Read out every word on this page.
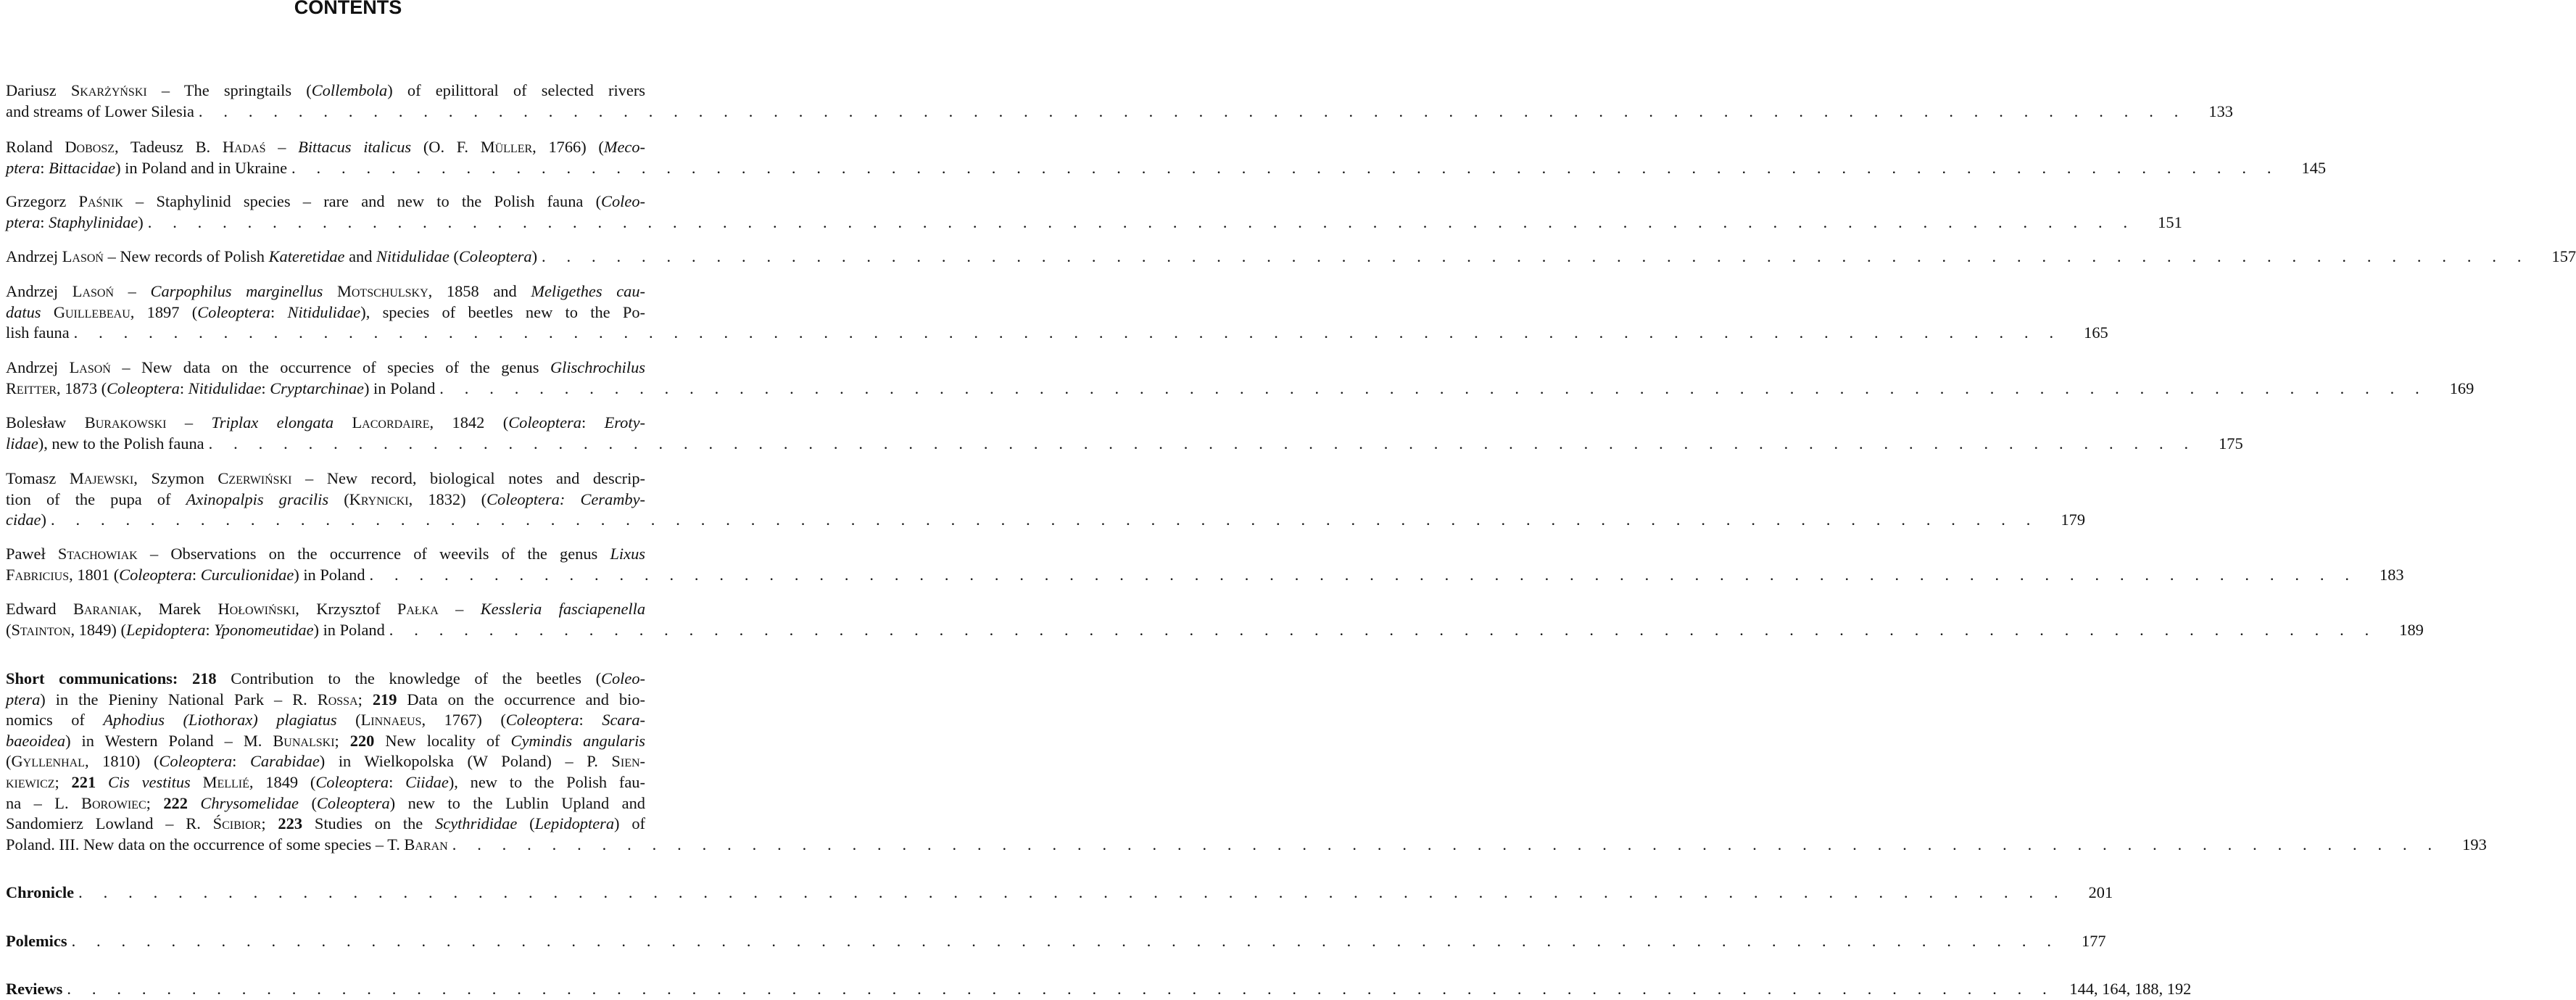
CONTENTS
Dariusz Skarżyński – The springtails (Collembola) of epilittoral of selected rivers
and streams of Lower Silesia . . . . . . . . . . . . . . . . . . . . . . . . . . . . . . . . . . . . . . . . . . . . . . . . . . . . . . . . . . . . . . . . . . . . . . . . . . . . . . . .	133
Roland Dobosz, Tadeusz B. Hadaś – Bittacus italicus (O. F. Müller, 1766) (Meco-
ptera: Bittacidae) in Poland and in Ukraine . . . . . . . . . . . . . . . . . . . . . . . . . . . . . . . . . . . . . . . . . . . . . . . . . . . . . . . . . . . . . . . . . . . . . . . . . . . . . . . .	145
Grzegorz Paśnik – Staphylinid species – rare and new to the Polish fauna (Coleo-
ptera: Staphylinidae) . . . . . . . . . . . . . . . . . . . . . . . . . . . . . . . . . . . . . . . . . . . . . . . . . . . . . . . . . . . . . . . . . . . . . . . . . . . . . . . .	151
Andrzej Lasoń – New records of Polish Kateretidae and Nitidulidae (Coleoptera) . . . . . . . . . . . . . . . . . . . . . . . . . . . . . . . . . . . . . . . . . . . . . . . . . . . . . . . . . . . . . . . . . . . . . . . . . . . . . . . .	157
Andrzej Lasoń – Carpophilus marginellus Motschulsky, 1858 and Meligethes cau-
datus Guillebeau, 1897 (Coleoptera: Nitidulidae), species of beetles new to the Po-
lish fauna . . . . . . . . . . . . . . . . . . . . . . . . . . . . . . . . . . . . . . . . . . . . . . . . . . . . . . . . . . . . . . . . . . . . . . . . . . . . . . . .	165
Andrzej Lasoń – New data on the occurrence of species of the genus Glischrochilus
Reitter, 1873 (Coleoptera: Nitidulidae: Cryptarchinae) in Poland . . . . . . . . . . . . . . . . . . . . . . . . . . . . . . . . . . . . . . . . . . . . . . . . . . . . . . . . . . . . . . . . . . . . . . . . . . . . . . . .	169
Bolesław Burakowski – Triplax elongata Lacordaire, 1842 (Coleoptera: Eroty-
lidae), new to the Polish fauna . . . . . . . . . . . . . . . . . . . . . . . . . . . . . . . . . . . . . . . . . . . . . . . . . . . . . . . . . . . . . . . . . . . . . . . . . . . . . . . .	175
Tomasz Majewski, Szymon Czerwiński – New record, biological notes and descrip-
tion of the pupa of Axinopalpis gracilis (Krynicki, 1832) (Coleoptera: Ceramby-
cidae) . . . . . . . . . . . . . . . . . . . . . . . . . . . . . . . . . . . . . . . . . . . . . . . . . . . . . . . . . . . . . . . . . . . . . . . . . . . . . . . .	179
Paweł Stachowiak – Observations on the occurrence of weevils of the genus Lixus
Fabricius, 1801 (Coleoptera: Curculionidae) in Poland . . . . . . . . . . . . . . . . . . . . . . . . . . . . . . . . . . . . . . . . . . . . . . . . . . . . . . . . . . . . . . . . . . . . . . . . . . . . . . . .	183
Edward Baraniak, Marek Hołowiński, Krzysztof Pałka – Kessleria fasciapenella
(Stainton, 1849) (Lepidoptera: Yponomeutidae) in Poland . . . . . . . . . . . . . . . . . . . . . . . . . . . . . . . . . . . . . . . . . . . . . . . . . . . . . . . . . . . . . . . . . . . . . . . . . . . . . . . .	189
Short communications: 218 Contribution to the knowledge of the beetles (Coleo-
ptera) in the Pieniny National Park – R. Rossa; 219 Data on the occurrence and bio-
nomics of Aphodius (Liothorax) plagiatus (Linnaeus, 1767) (Coleoptera: Scara-
baeoidea) in Western Poland – M. Bunalski; 220 New locality of Cymindis angularis
(Gyllenhal, 1810) (Coleoptera: Carabidae) in Wielkopolska (W Poland) – P. Sien-
kiewicz; 221 Cis vestitus Mellié, 1849 (Coleoptera: Ciidae), new to the Polish fau-
na – L. Borowiec; 222 Chrysomelidae (Coleoptera) new to the Lublin Upland and
Sandomierz Lowland – R. Ścibior; 223 Studies on the Scythrididae (Lepidoptera) of
Poland. III. New data on the occurrence of some species – T. Baran . . . . . . . . . . . . . . . . . . . . . . . . . . . . . . . . . . . . . . . . . . . . . . . . . . . . . . . . . . . . . . . . . . . . . . . . . . . . . . . .	193
Chronicle . . . . . . . . . . . . . . . . . . . . . . . . . . . . . . . . . . . . . . . . . . . . . . . . . . . . . . . . . . . . . . . . . . . . . . . . . . . . . . . .	201
Polemics . . . . . . . . . . . . . . . . . . . . . . . . . . . . . . . . . . . . . . . . . . . . . . . . . . . . . . . . . . . . . . . . . . . . . . . . . . . . . . . .	177
Reviews . . . . . . . . . . . . . . . . . . . . . . . . . . . . . . . . . . . . . . . . . . . . . . . . . . . . . . . . . . . . . . . . . . . . . . . . . . . . . . . . 144, 164, 188, 192
